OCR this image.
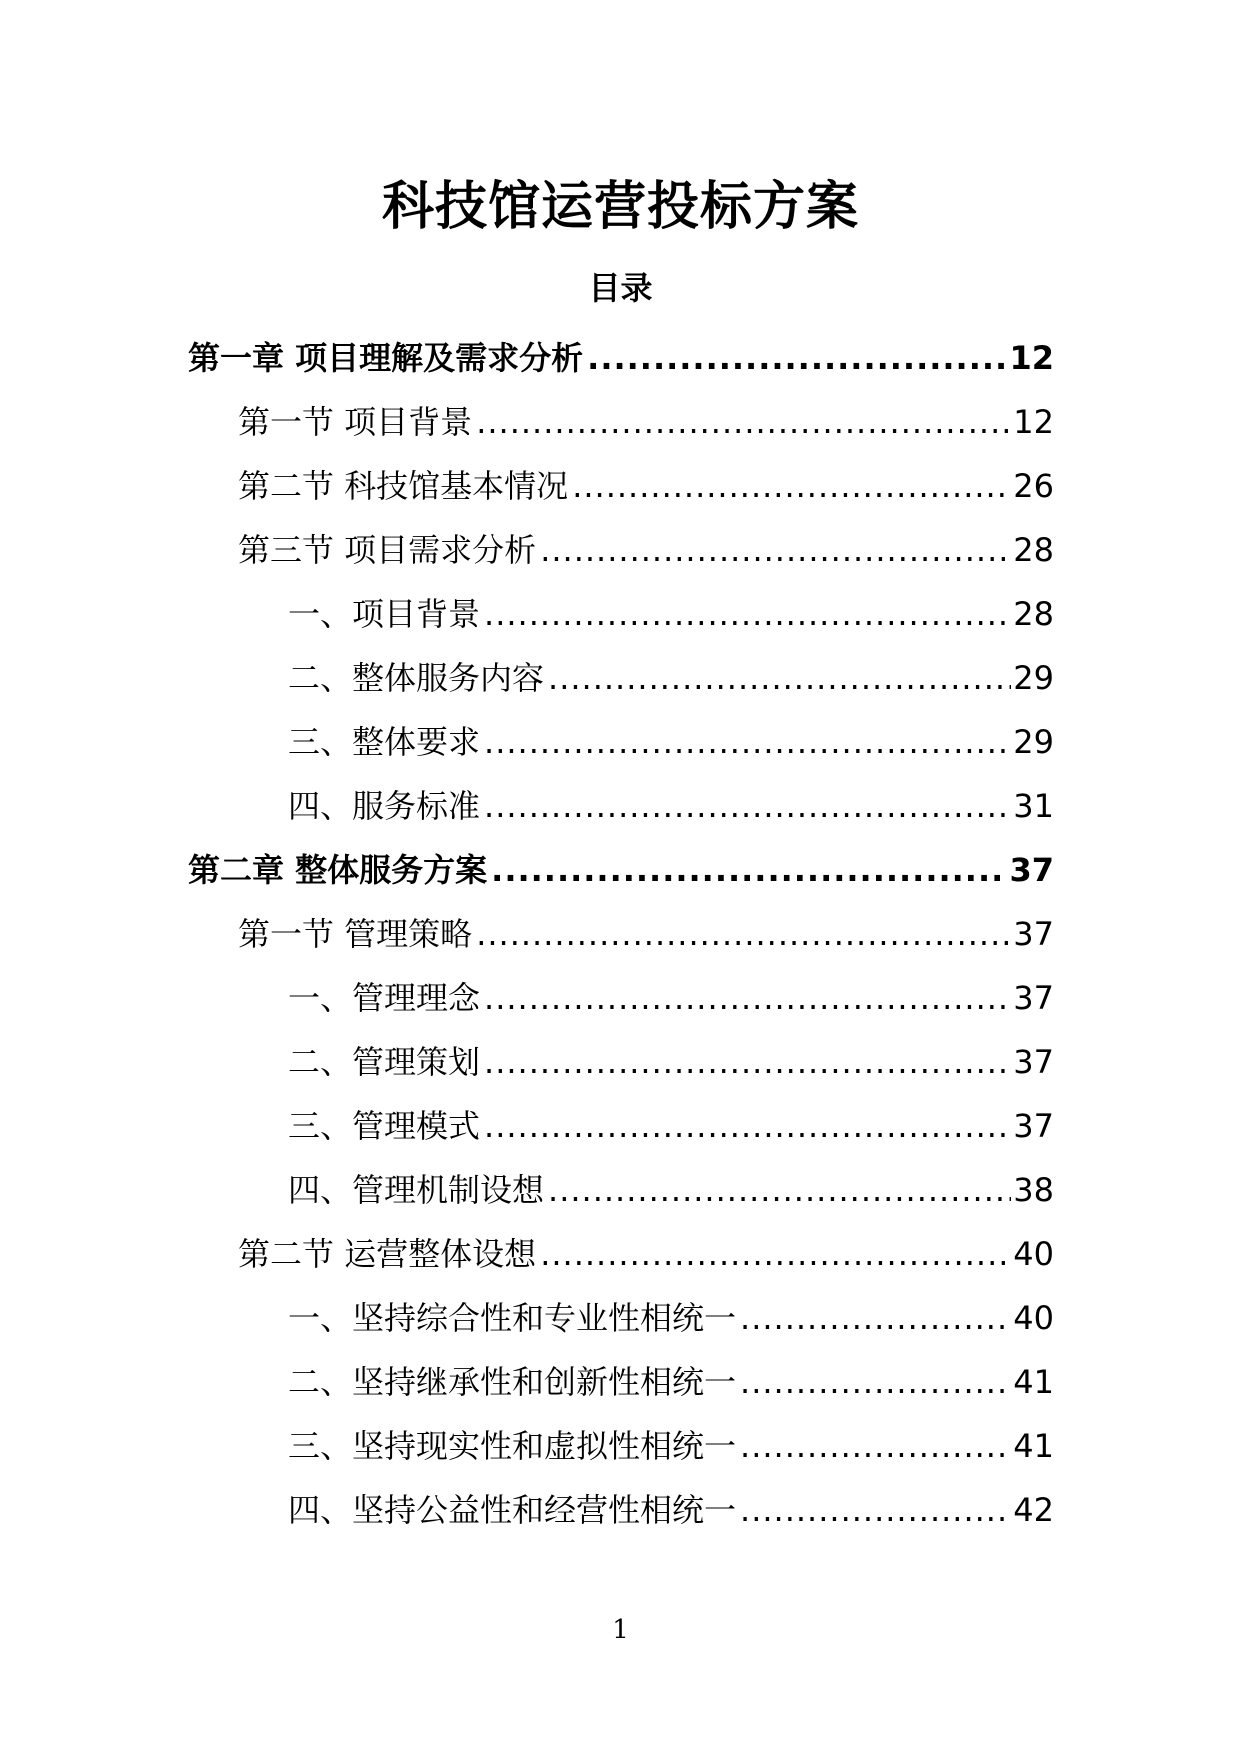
科技馆运营投标方案
目录
第一章 项目理解及需求分析 .....	12
第一节 项目背景 .....	12
第二节 科技馆基本情况 .....	26
第三节 项目需求分析 .....	28
一、项目背景 .....	28
二、整体服务内容 .....	29
三、整体要求 .....	29
四、服务标准 .....	31
第二章 整体服务方案 .....	37
第一节 管理策略 .....	37
一、管理理念 .....	37
二、管理策划 .....	37
三、管理模式 .....	37
四、管理机制设想 .....	38
第二节 运营整体设想 .....	40
一、坚持综合性和专业性相统一 .....	40
二、坚持继承性和创新性相统一 .....	41
三、坚持现实性和虚拟性相统一 .....	41
四、坚持公益性和经营性相统一 .....	42
1
